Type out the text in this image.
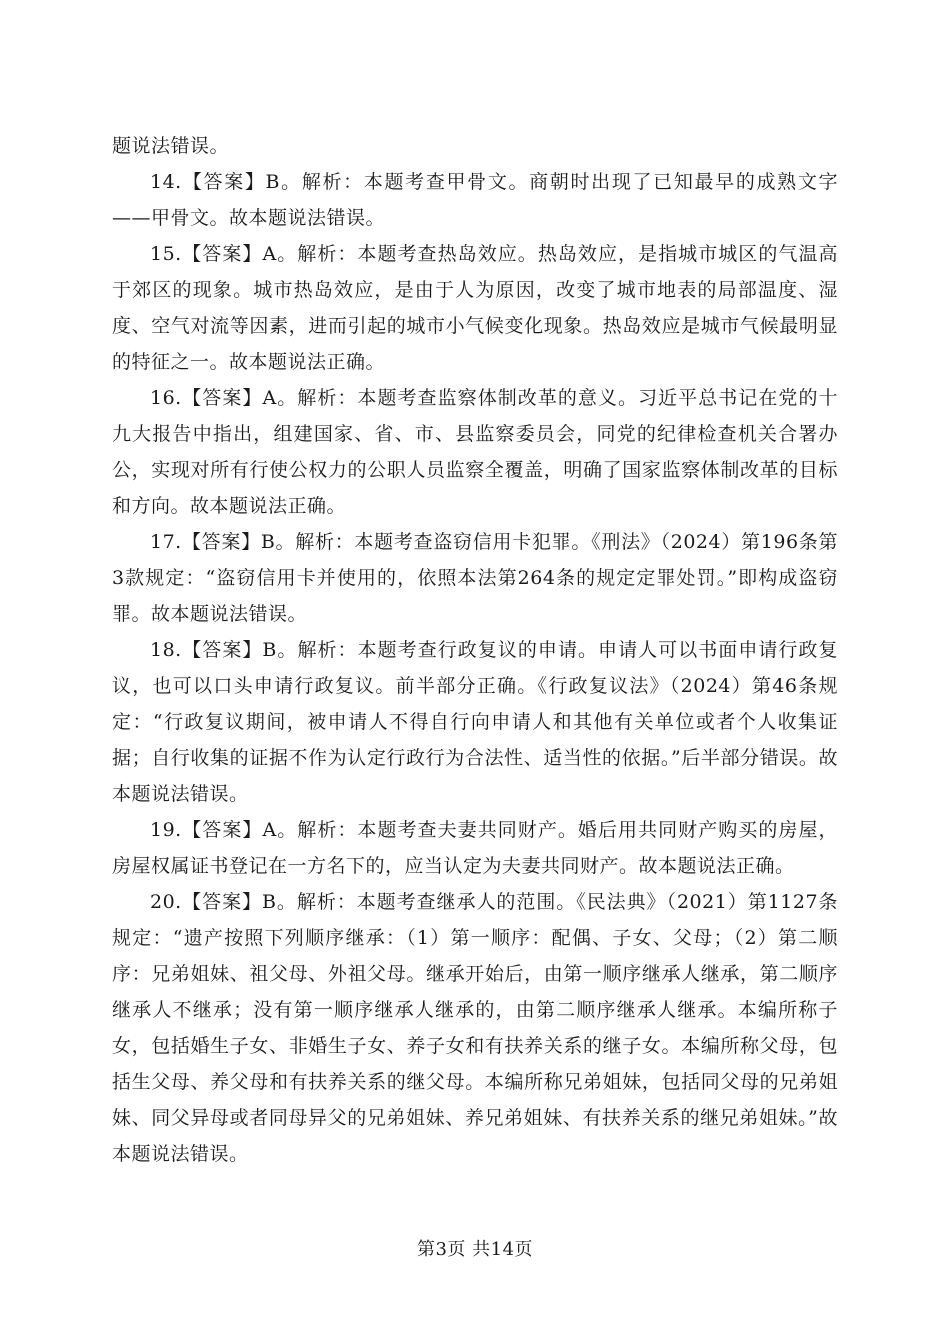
题说法错误。

14.【答案】B。解析：本题考查甲骨文。商朝时出现了已知最早的成熟文字——甲骨文。故本题说法错误。

15.【答案】A。解析：本题考查热岛效应。热岛效应，是指城市城区的气温高于郊区的现象。城市热岛效应，是由于人为原因，改变了城市地表的局部温度、湿度、空气对流等因素，进而引起的城市小气候变化现象。热岛效应是城市气候最明显的特征之一。故本题说法正确。

16.【答案】A。解析：本题考查监察体制改革的意义。习近平总书记在党的十九大报告中指出，组建国家、省、市、县监察委员会，同党的纪律检查机关合署办公，实现对所有行使公权力的公职人员监察全覆盖，明确了国家监察体制改革的目标和方向。故本题说法正确。

17.【答案】B。解析：本题考查盗窃信用卡犯罪。《刑法》（2024）第196条第3款规定：“盗窃信用卡并使用的，依照本法第264条的规定定罪处罚。”即构成盗窃罪。故本题说法错误。

18.【答案】B。解析：本题考查行政复议的申请。申请人可以书面申请行政复议，也可以口头申请行政复议。前半部分正确。《行政复议法》（2024）第46条规定：“行政复议期间，被申请人不得自行向申请人和其他有关单位或者个人收集证据；自行收集的证据不作为认定行政行为合法性、适当性的依据。”后半部分错误。故本题说法错误。

19.【答案】A。解析：本题考查夫妻共同财产。婚后用共同财产购买的房屋，房屋权属证书登记在一方名下的，应当认定为夫妻共同财产。故本题说法正确。

20.【答案】B。解析：本题考查继承人的范围。《民法典》（2021）第1127条规定：“遗产按照下列顺序继承：（1）第一顺序：配偶、子女、父母；（2）第二顺序：兄弟姐妹、祖父母、外祖父母。继承开始后，由第一顺序继承人继承，第二顺序继承人不继承；没有第一顺序继承人继承的，由第二顺序继承人继承。本编所称子女，包括婚生子女、非婚生子女、养子女和有扶养关系的继子女。本编所称父母，包括生父母、养父母和有扶养关系的继父母。本编所称兄弟姐妹，包括同父母的兄弟姐妹、同父异母或者同母异父的兄弟姐妹、养兄弟姐妹、有扶养关系的继兄弟姐妹。”故本题说法错误。

第3页 共14页
